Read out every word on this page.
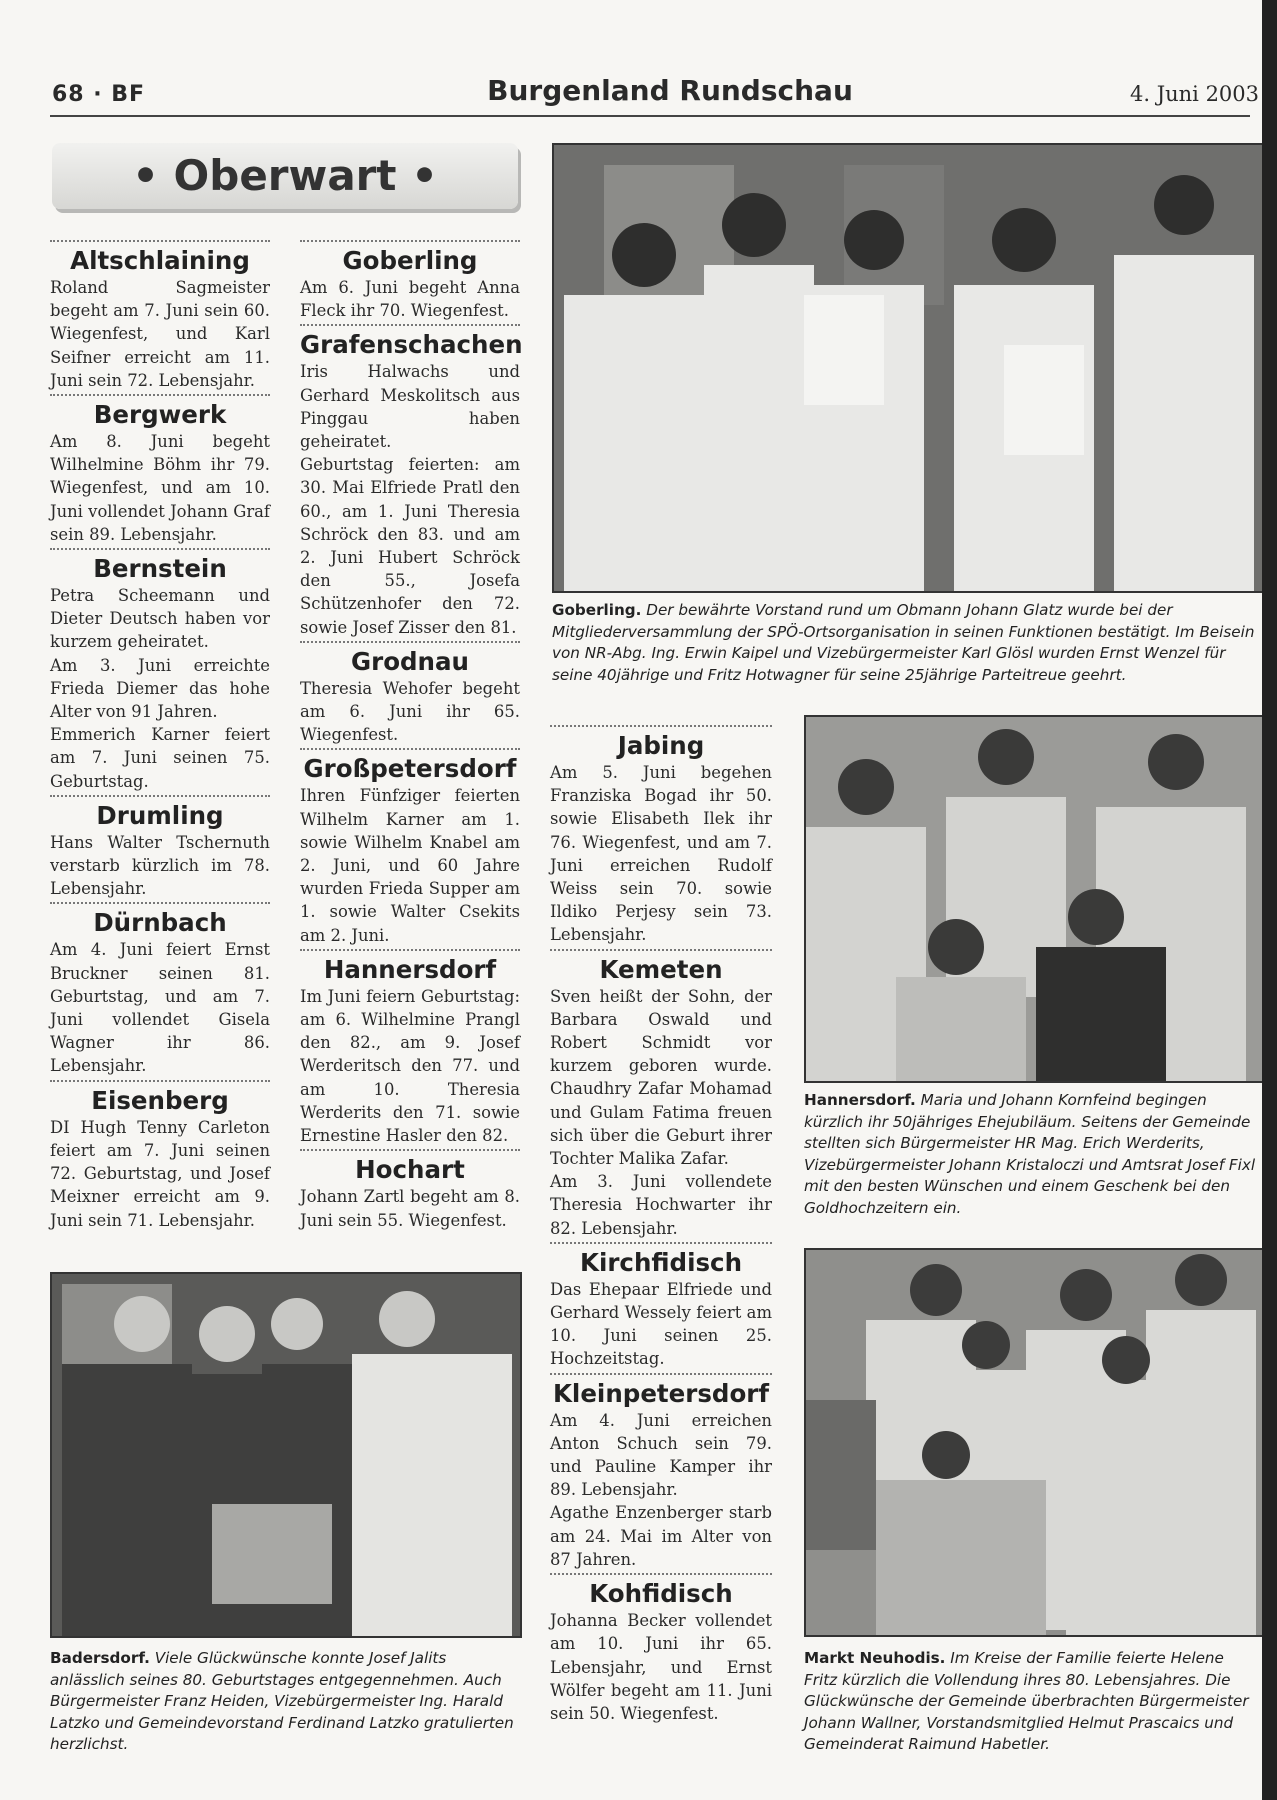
68 · BF	Burgenland Rundschau	4. Juni 2003
• Oberwart •
Altschlaining

Roland Sagmeister begeht am 7. Juni sein 60. Wiegenfest, und Karl Seifner erreicht am 11. Juni sein 72. Lebensjahr.

Bergwerk

Am 8. Juni begeht Wilhelmine Böhm ihr 79. Wiegenfest, und am 10. Juni vollendet Johann Graf sein 89. Lebensjahr.

Bernstein

Petra Scheemann und Dieter Deutsch haben vor kurzem geheiratet.

Am 3. Juni erreichte Frieda Diemer das hohe Alter von 91 Jahren.

Emmerich Karner feiert am 7. Juni seinen 75. Geburtstag.

Drumling

Hans Walter Tschernuth verstarb kürzlich im 78. Lebensjahr.

Dürnbach

Am 4. Juni feiert Ernst Bruckner seinen 81. Geburtstag, und am 7. Juni vollendet Gisela Wagner ihr 86. Lebensjahr.

Eisenberg

DI Hugh Tenny Carleton feiert am 7. Juni seinen 72. Geburtstag, und Josef Meixner erreicht am 9. Juni sein 71. Lebensjahr.

Goberling

Am 6. Juni begeht Anna Fleck ihr 70. Wiegenfest.

Grafenschachen

Iris Halwachs und Gerhard Meskolitsch aus Pinggau haben geheiratet.

Geburtstag feierten: am 30. Mai Elfriede Pratl den 60., am 1. Juni Theresia Schröck den 83. und am 2. Juni Hubert Schröck den 55., Josefa Schützenhofer den 72. sowie Josef Zisser den 81.

Grodnau

Theresia Wehofer begeht am 6. Juni ihr 65. Wiegenfest.

Großpetersdorf

Ihren Fünfziger feierten Wilhelm Karner am 1. sowie Wilhelm Knabel am 2. Juni, und 60 Jahre wurden Frieda Supper am 1. sowie Walter Csekits am 2. Juni.

Hannersdorf

Im Juni feiern Geburtstag: am 6. Wilhelmine Prangl den 82., am 9. Josef Werderitsch den 77. und am 10. Theresia Werderits den 71. sowie Ernestine Hasler den 82.

Hochart

Johann Zartl begeht am 8. Juni sein 55. Wiegenfest.

Jabing

Am 5. Juni begehen Franziska Bogad ihr 50. sowie Elisabeth Ilek ihr 76. Wiegenfest, und am 7. Juni erreichen Rudolf Weiss sein 70. sowie Ildiko Perjesy sein 73. Lebensjahr.

Kemeten

Sven heißt der Sohn, der Barbara Oswald und Robert Schmidt vor kurzem geboren wurde. Chaudhry Zafar Mohamad und Gulam Fatima freuen sich über die Geburt ihrer Tochter Malika Zafar.

Am 3. Juni vollendete Theresia Hochwarter ihr 82. Lebensjahr.

Kirchfidisch

Das Ehepaar Elfriede und Gerhard Wessely feiert am 10. Juni seinen 25. Hochzeitstag.

Kleinpetersdorf

Am 4. Juni erreichen Anton Schuch sein 79. und Pauline Kamper ihr 89. Lebensjahr.

Agathe Enzenberger starb am 24. Mai im Alter von 87 Jahren.

Kohfidisch

Johanna Becker vollendet am 10. Juni ihr 65. Lebensjahr, und Ernst Wölfer begeht am 11. Juni sein 50. Wiegenfest.

Goberling. Der bewährte Vorstand rund um Obmann Johann Glatz wurde bei der Mitgliederversammlung der SPÖ-Ortsorganisation in seinen Funktionen bestätigt. Im Beisein von NR-Abg. Ing. Erwin Kaipel und Vizebürgermeister Karl Glösl wurden Ernst Wenzel für seine 40jährige und Fritz Hotwagner für seine 25jährige Parteitreue geehrt.
Hannersdorf. Maria und Johann Kornfeind begingen kürzlich ihr 50jähriges Ehejubiläum. Seitens der Gemeinde stellten sich Bürgermeister HR Mag. Erich Werderits, Vizebürgermeister Johann Kristaloczi und Amtsrat Josef Fixl mit den besten Wünschen und einem Geschenk bei den Goldhochzeitern ein.
Badersdorf. Viele Glückwünsche konnte Josef Jalits anlässlich seines 80. Geburtstages entgegennehmen. Auch Bürgermeister Franz Heiden, Vizebürgermeister Ing. Harald Latzko und Gemeindevorstand Ferdinand Latzko gratulierten herzlichst.
Markt Neuhodis. Im Kreise der Familie feierte Helene Fritz kürzlich die Vollendung ihres 80. Lebensjahres. Die Glückwünsche der Gemeinde überbrachten Bürgermeister Johann Wallner, Vorstandsmitglied Helmut Prascaics und Gemeinderat Raimund Habetler.
